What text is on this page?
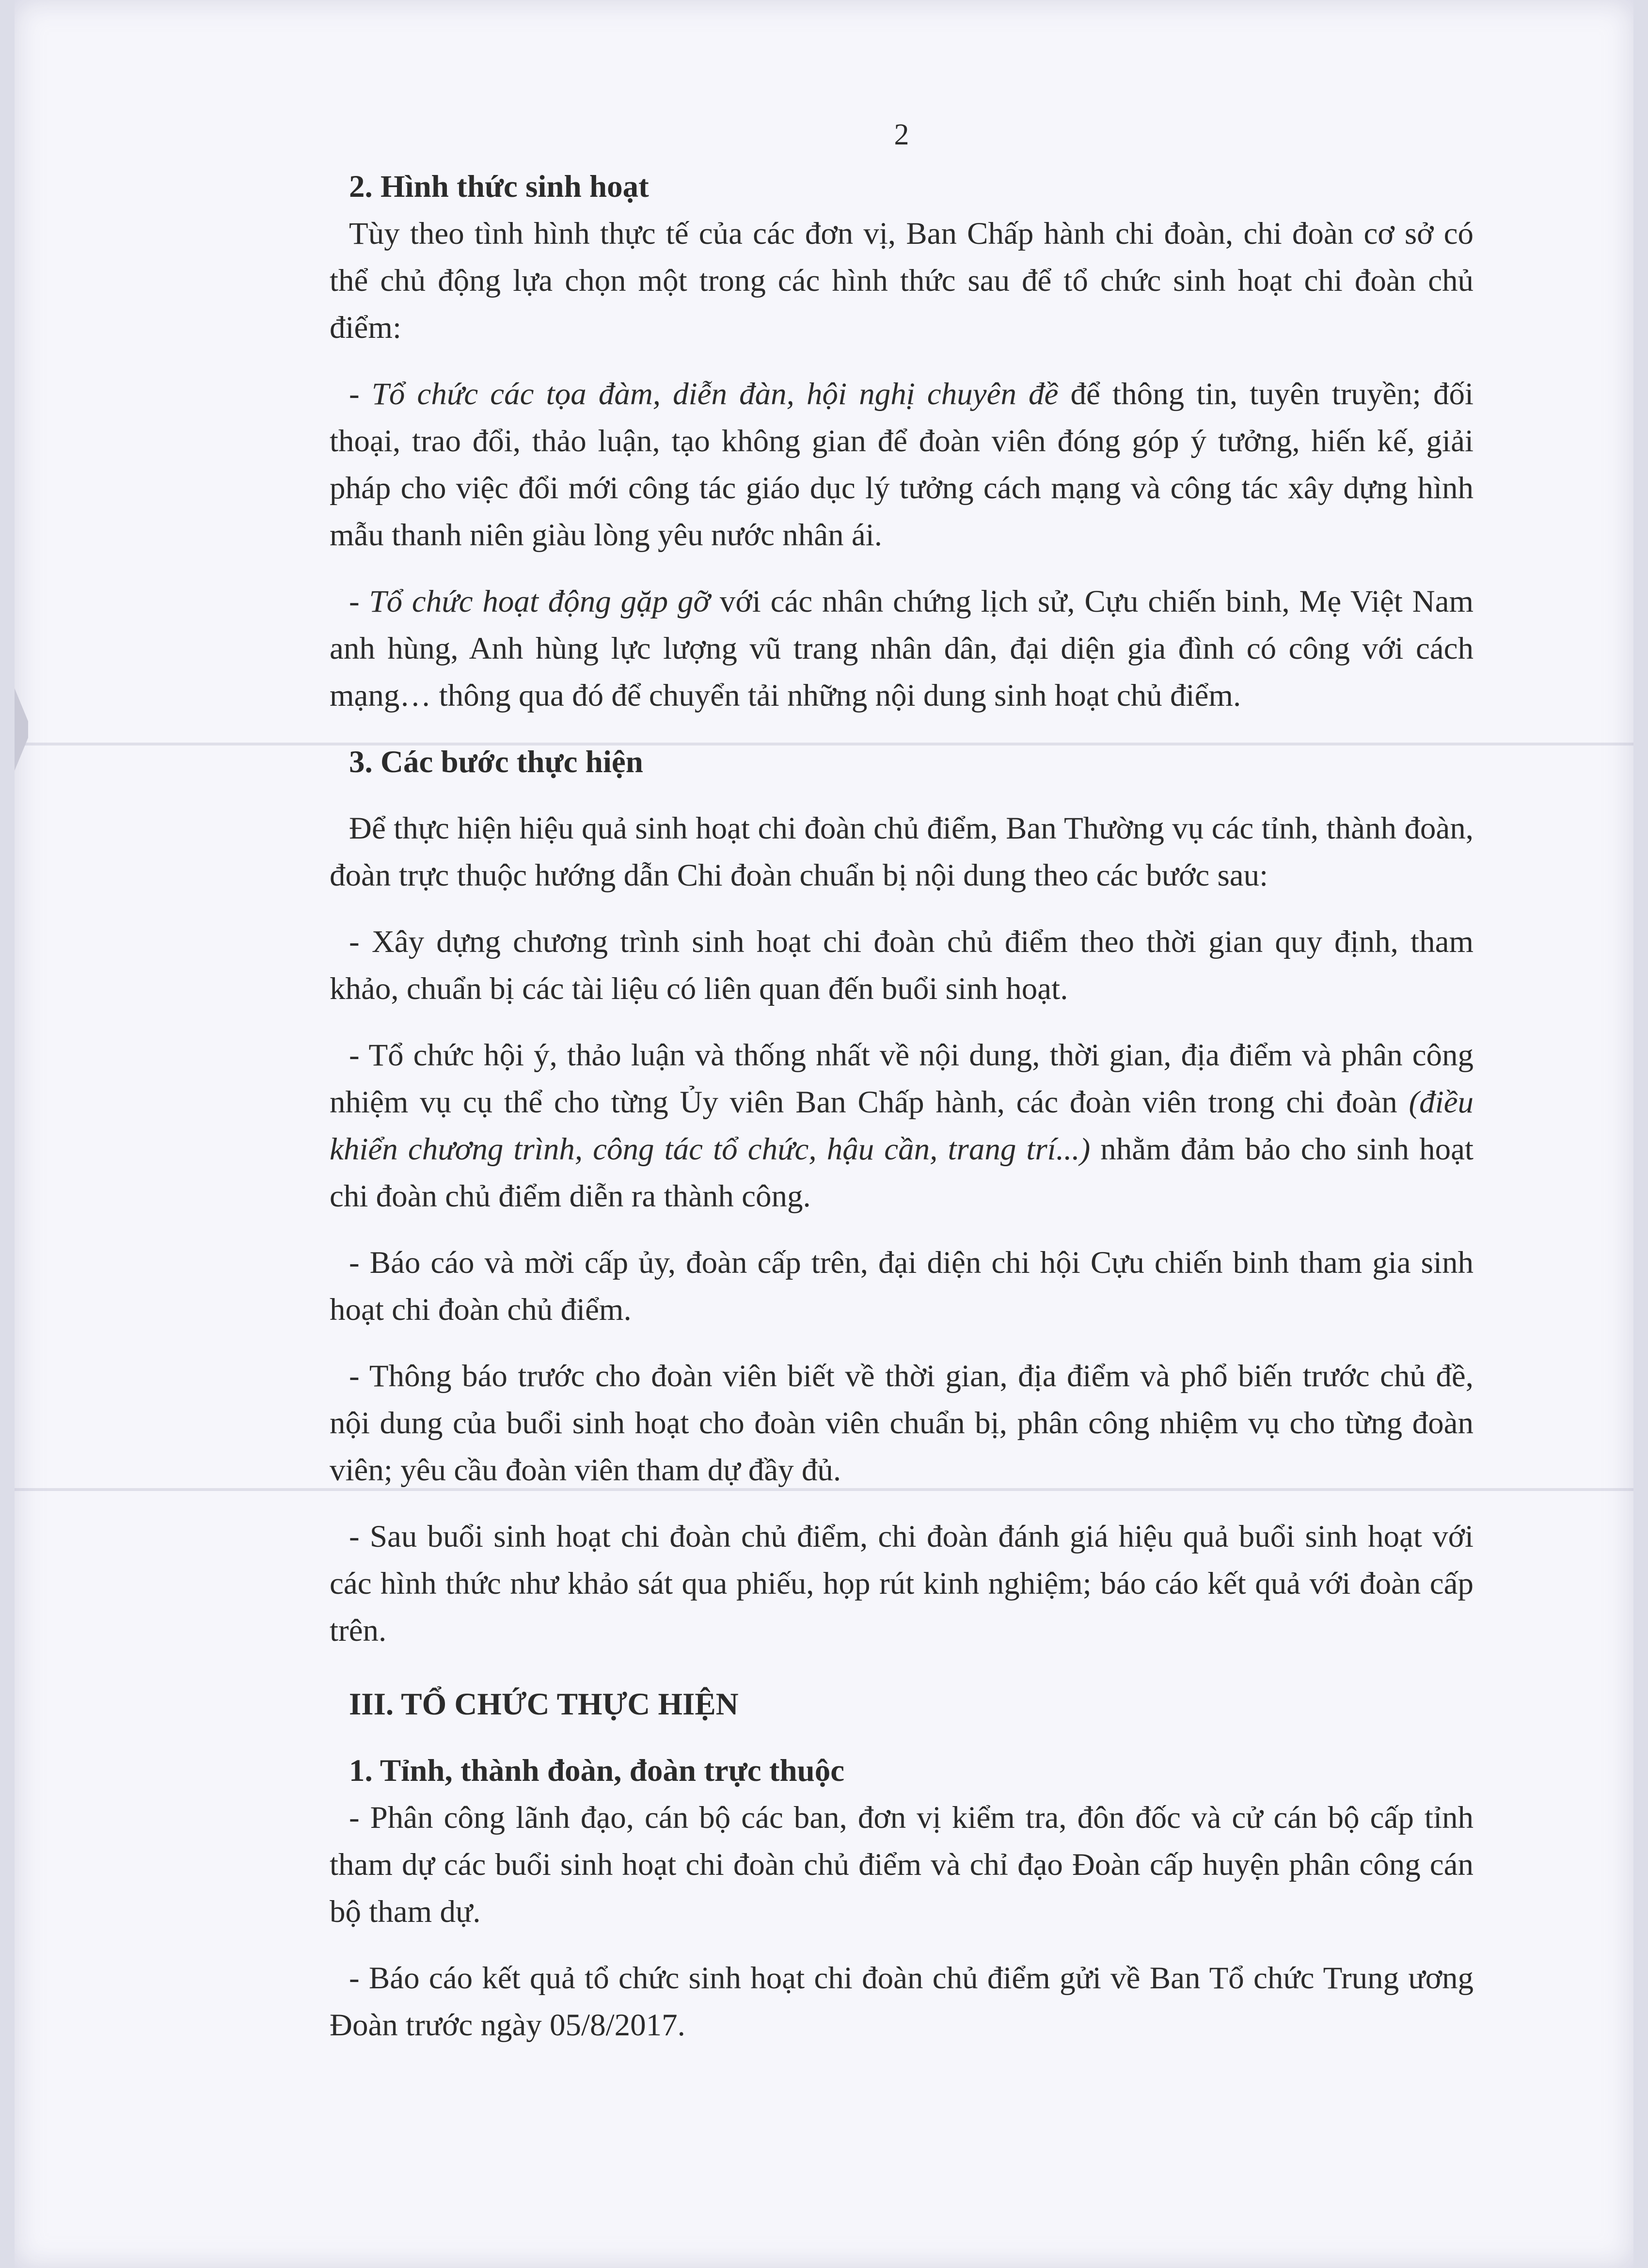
2

2. Hình thức sinh hoạt

Tùy theo tình hình thực tế của các đơn vị, Ban Chấp hành chi đoàn, chi đoàn cơ sở có thể chủ động lựa chọn một trong các hình thức sau để tổ chức sinh hoạt chi đoàn chủ điểm:

- Tổ chức các tọa đàm, diễn đàn, hội nghị chuyên đề để thông tin, tuyên truyền; đối thoại, trao đổi, thảo luận, tạo không gian để đoàn viên đóng góp ý tưởng, hiến kế, giải pháp cho việc đổi mới công tác giáo dục lý tưởng cách mạng và công tác xây dựng hình mẫu thanh niên giàu lòng yêu nước nhân ái.

- Tổ chức hoạt động gặp gỡ với các nhân chứng lịch sử, Cựu chiến binh, Mẹ Việt Nam anh hùng, Anh hùng lực lượng vũ trang nhân dân, đại diện gia đình có công với cách mạng… thông qua đó để chuyển tải những nội dung sinh hoạt chủ điểm.

3. Các bước thực hiện

Để thực hiện hiệu quả sinh hoạt chi đoàn chủ điểm, Ban Thường vụ các tỉnh, thành đoàn, đoàn trực thuộc hướng dẫn Chi đoàn chuẩn bị nội dung theo các bước sau:

- Xây dựng chương trình sinh hoạt chi đoàn chủ điểm theo thời gian quy định, tham khảo, chuẩn bị các tài liệu có liên quan đến buổi sinh hoạt.

- Tổ chức hội ý, thảo luận và thống nhất về nội dung, thời gian, địa điểm và phân công nhiệm vụ cụ thể cho từng Ủy viên Ban Chấp hành, các đoàn viên trong chi đoàn (điều khiển chương trình, công tác tổ chức, hậu cần, trang trí...) nhằm đảm bảo cho sinh hoạt chi đoàn chủ điểm diễn ra thành công.

- Báo cáo và mời cấp ủy, đoàn cấp trên, đại diện chi hội Cựu chiến binh tham gia sinh hoạt chi đoàn chủ điểm.

- Thông báo trước cho đoàn viên biết về thời gian, địa điểm và phổ biến trước chủ đề, nội dung của buổi sinh hoạt cho đoàn viên chuẩn bị, phân công nhiệm vụ cho từng đoàn viên; yêu cầu đoàn viên tham dự đầy đủ.

- Sau buổi sinh hoạt chi đoàn chủ điểm, chi đoàn đánh giá hiệu quả buổi sinh hoạt với các hình thức như khảo sát qua phiếu, họp rút kinh nghiệm; báo cáo kết quả với đoàn cấp trên.

III. TỔ CHỨC THỰC HIỆN

1. Tỉnh, thành đoàn, đoàn trực thuộc

- Phân công lãnh đạo, cán bộ các ban, đơn vị kiểm tra, đôn đốc và cử cán bộ cấp tỉnh tham dự các buổi sinh hoạt chi đoàn chủ điểm và chỉ đạo Đoàn cấp huyện phân công cán bộ tham dự.

- Báo cáo kết quả tổ chức sinh hoạt chi đoàn chủ điểm gửi về Ban Tổ chức Trung ương Đoàn trước ngày 05/8/2017.
